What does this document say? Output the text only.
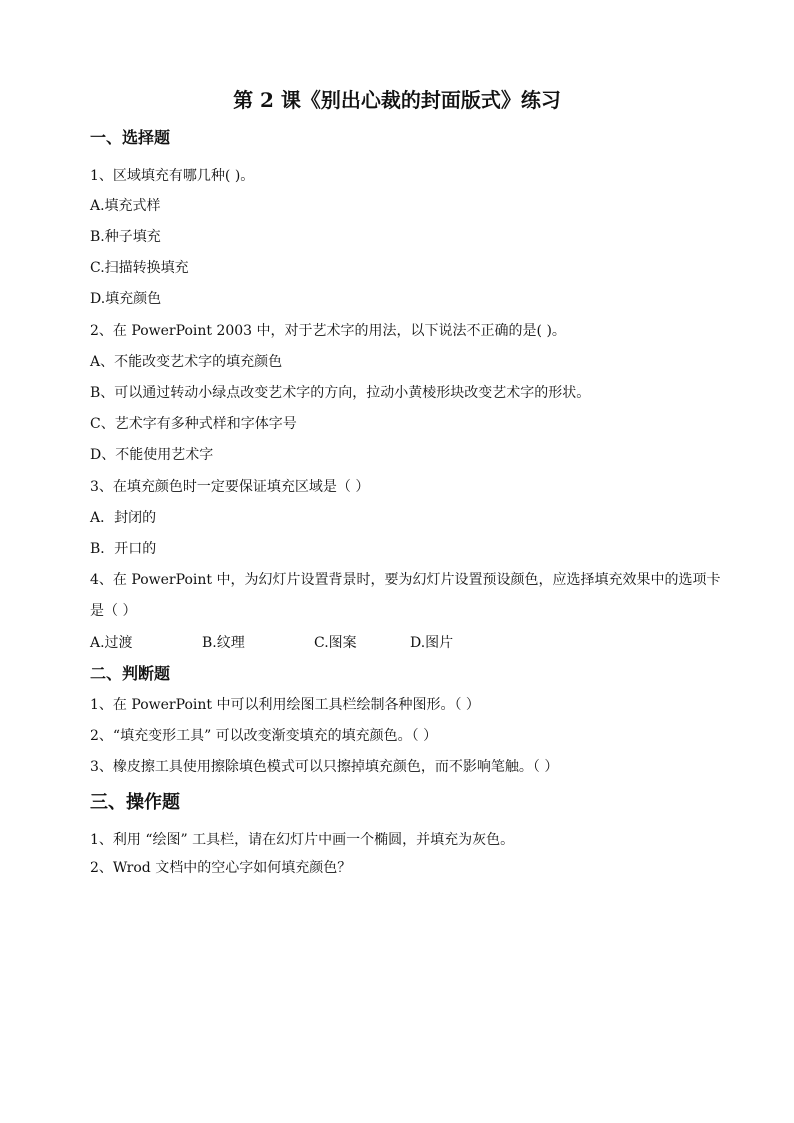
第 2 课《别出心裁的封面版式》练习
一、选择题
1、区域填充有哪几种( )。
A.填充式样
B.种子填充
C.扫描转换填充
D.填充颜色
2、在 PowerPoint 2003 中，对于艺术字的用法，以下说法不正确的是( )。
A、不能改变艺术字的填充颜色
B、可以通过转动小绿点改变艺术字的方向，拉动小黄棱形块改变艺术字的形状。
C、艺术字有多种式样和字体字号
D、不能使用艺术字
3、在填充颜色时一定要保证填充区域是（ ）
A．封闭的
B．开口的
4、在 PowerPoint 中，为幻灯片设置背景时，要为幻灯片设置预设颜色，应选择填充效果中的选项卡
是（ ）
A.过渡	B.纹理	C.图案	D.图片
二、判断题
1、在 PowerPoint 中可以利用绘图工具栏绘制各种图形。（ ）
2、“填充变形工具” 可以改变渐变填充的填充颜色。（ ）
3、橡皮擦工具使用擦除填色模式可以只擦掉填充颜色，而不影响笔触。（ ）
三、操作题
1、利用 “绘图” 工具栏，请在幻灯片中画一个椭圆，并填充为灰色。
2、Wrod 文档中的空心字如何填充颜色？
